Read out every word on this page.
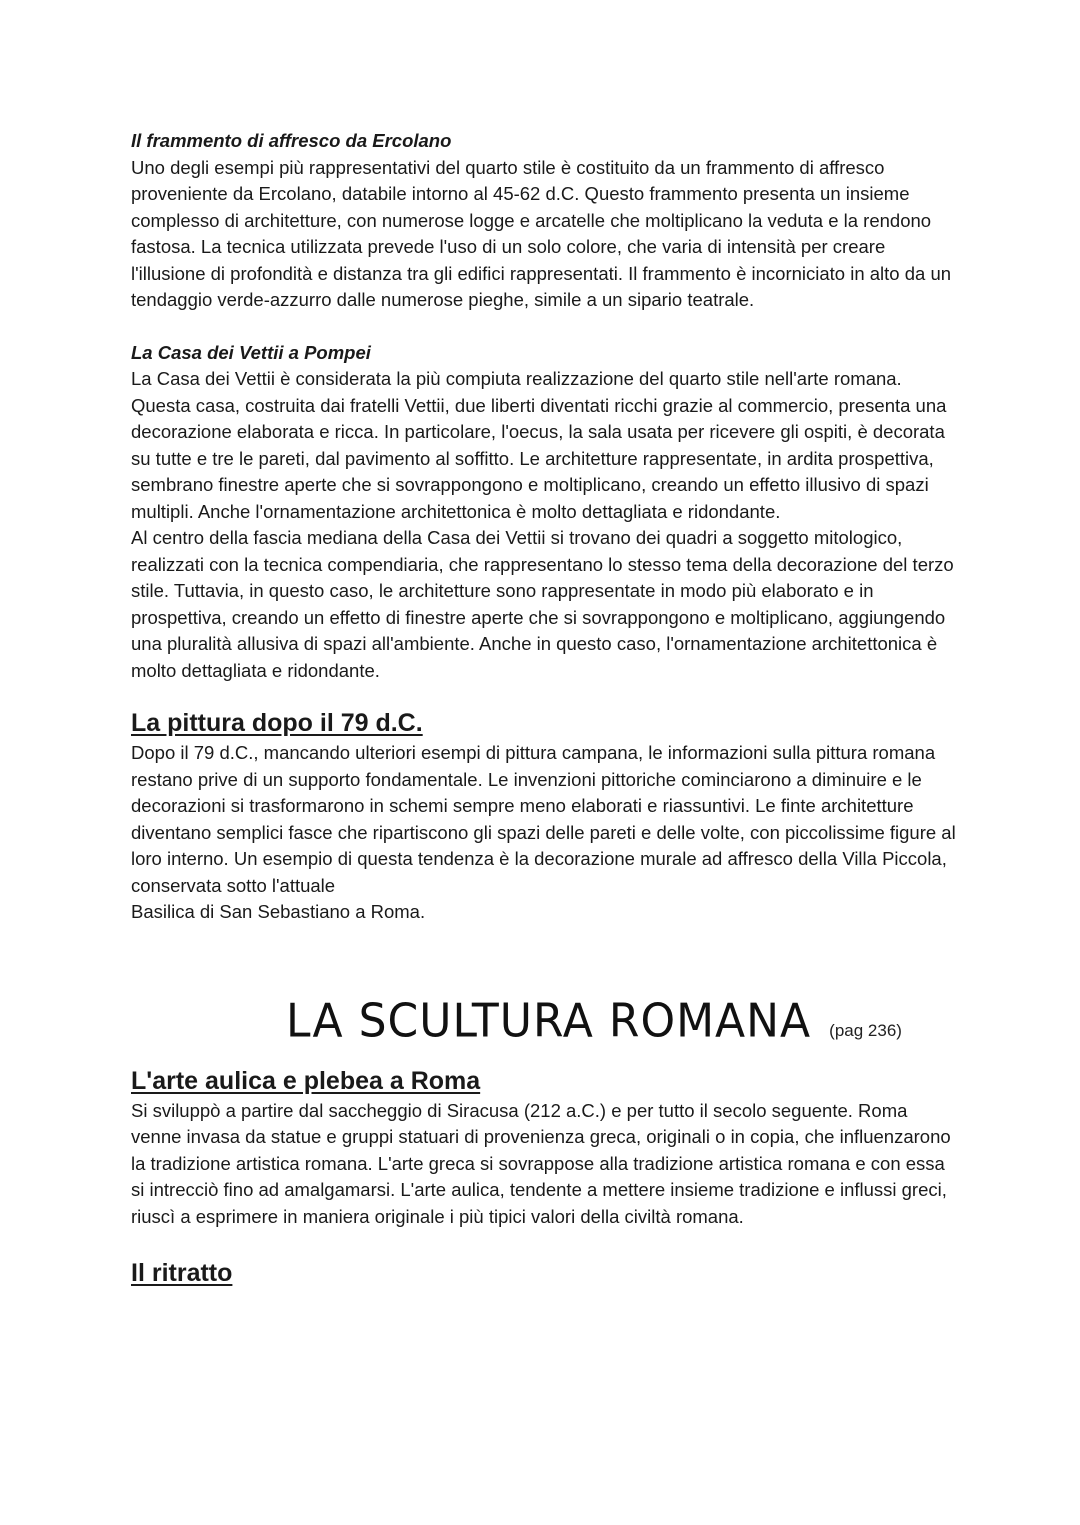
Il frammento di affresco da Ercolano

Uno degli esempi più rappresentativi del quarto stile è costituito da un frammento di affresco proveniente da Ercolano, databile intorno al 45-62 d.C. Questo frammento presenta un insieme complesso di architetture, con numerose logge e arcatelle che moltiplicano la veduta e la rendono fastosa. La tecnica utilizzata prevede l'uso di un solo colore, che varia di intensità per creare l'illusione di profondità e distanza tra gli edifici rappresentati. Il frammento è incorniciato in alto da un tendaggio verde-azzurro dalle numerose pieghe, simile a un sipario teatrale.

La Casa dei Vettii a Pompei

La Casa dei Vettii è considerata la più compiuta realizzazione del quarto stile nell'arte romana. Questa casa, costruita dai fratelli Vettii, due liberti diventati ricchi grazie al commercio, presenta una decorazione elaborata e ricca. In particolare, l'oecus, la sala usata per ricevere gli ospiti, è decorata su tutte e tre le pareti, dal pavimento al soffitto. Le architetture rappresentate, in ardita prospettiva, sembrano finestre aperte che si sovrappongono e moltiplicano, creando un effetto illusivo di spazi multipli. Anche l'ornamentazione architettonica è molto dettagliata e ridondante.

Al centro della fascia mediana della Casa dei Vettii si trovano dei quadri a soggetto mitologico, realizzati con la tecnica compendiaria, che rappresentano lo stesso tema della decorazione del terzo stile. Tuttavia, in questo caso, le architetture sono rappresentate in modo più elaborato e in prospettiva, creando un effetto di finestre aperte che si sovrappongono e moltiplicano, aggiungendo una pluralità allusiva di spazi all'ambiente. Anche in questo caso, l'ornamentazione architettonica è molto dettagliata e ridondante.

La pittura dopo il 79 d.C.

Dopo il 79 d.C., mancando ulteriori esempi di pittura campana, le informazioni sulla pittura romana restano prive di un supporto fondamentale. Le invenzioni pittoriche cominciarono a diminuire e le decorazioni si trasformarono in schemi sempre meno elaborati e riassuntivi. Le finte architetture diventano semplici fasce che ripartiscono gli spazi delle pareti e delle volte, con piccolissime figure al loro interno. Un esempio di questa tendenza è la decorazione murale ad affresco della Villa Piccola, conservata sotto l'attuale

Basilica di San Sebastiano a Roma.

LA SCULTURA ROMANA (pag 236)
L'arte aulica e plebea a Roma

Si sviluppò a partire dal saccheggio di Siracusa (212 a.C.) e per tutto il secolo seguente. Roma venne invasa da statue e gruppi statuari di provenienza greca, originali o in copia, che influenzarono la tradizione artistica romana. L'arte greca si sovrappose alla tradizione artistica romana e con essa si intrecciò fino ad amalgamarsi. L'arte aulica, tendente a mettere insieme tradizione e influssi greci, riuscì a esprimere in maniera originale i più tipici valori della civiltà romana.

Il ritratto
